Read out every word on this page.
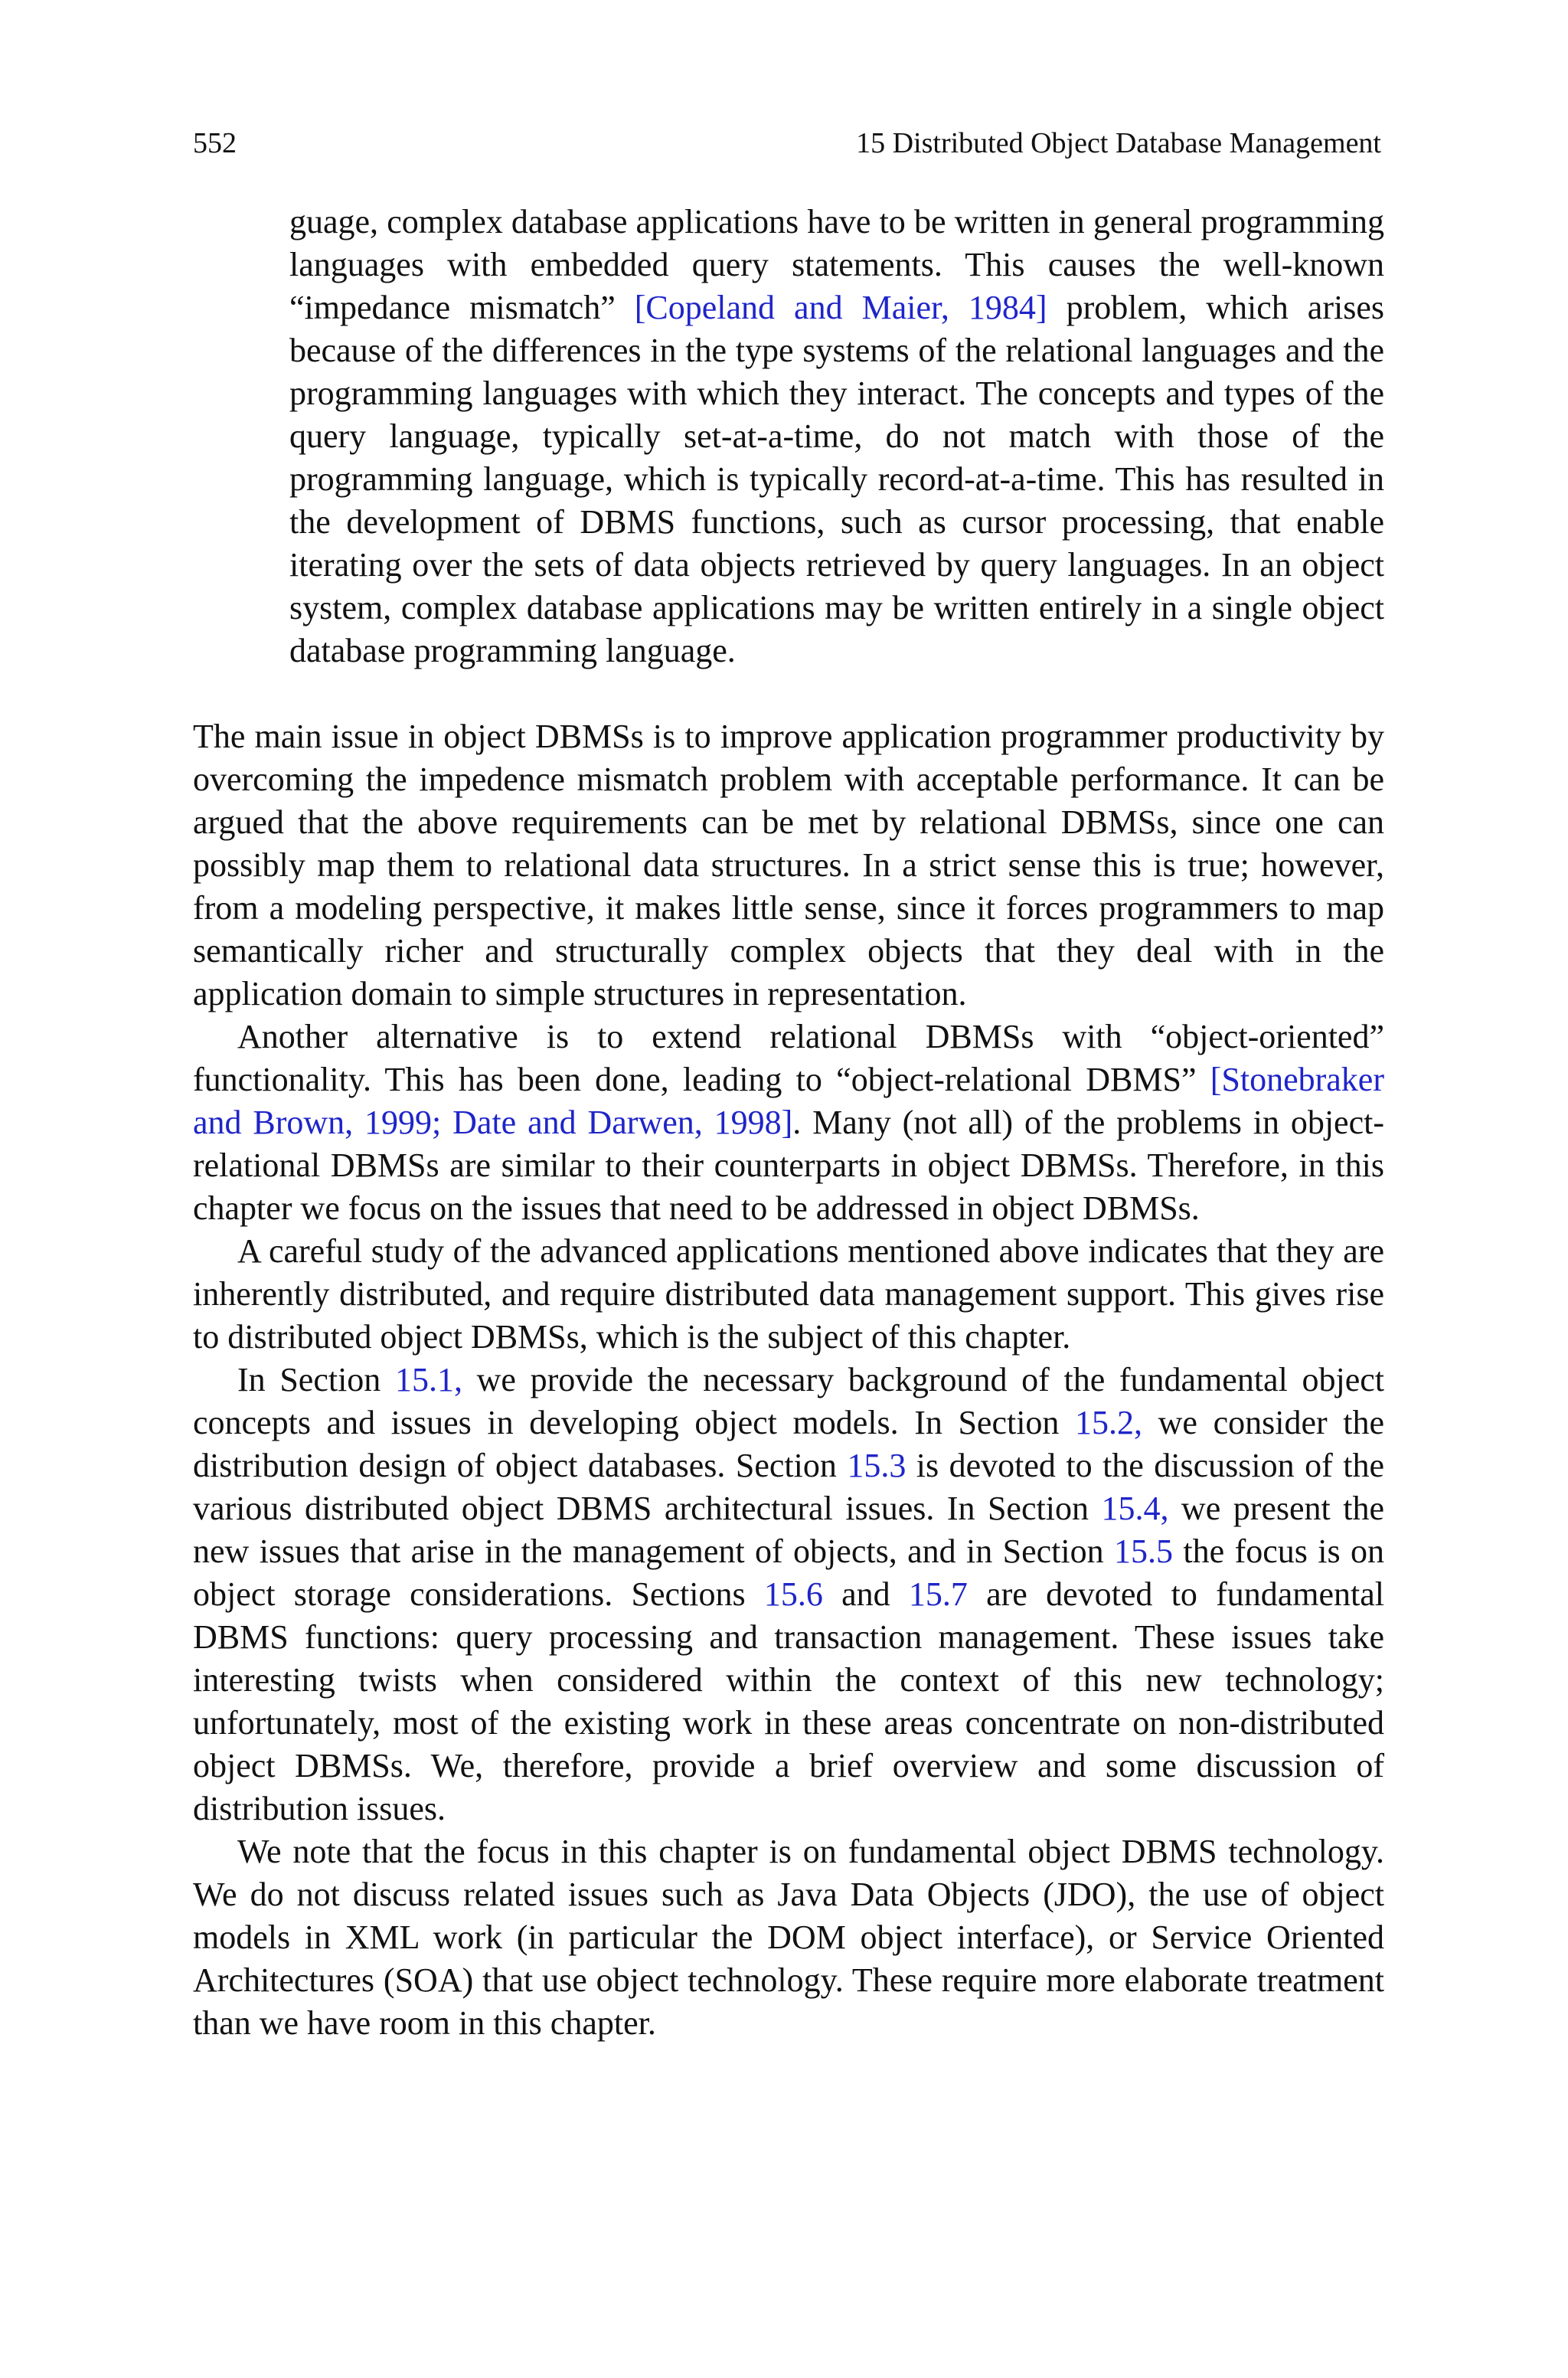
552	15 Distributed Object Database Management

guage, complex database applications have to be written in general programming languages with embedded query statements. This causes the well-known “impedance mismatch” [Copeland and Maier, 1984] problem, which arises because of the differences in the type systems of the relational languages and the programming languages with which they interact. The concepts and types of the query language, typically set-at-a-time, do not match with those of the programming language, which is typically record-at-a-time. This has resulted in the development of DBMS functions, such as cursor processing, that enable iterating over the sets of data objects retrieved by query languages. In an object system, complex database applications may be written entirely in a single object database programming language.

The main issue in object DBMSs is to improve application programmer productivity by overcoming the impedence mismatch problem with acceptable performance. It can be argued that the above requirements can be met by relational DBMSs, since one can possibly map them to relational data structures. In a strict sense this is true; however, from a modeling perspective, it makes little sense, since it forces programmers to map semantically richer and structurally complex objects that they deal with in the application domain to simple structures in representation.

Another alternative is to extend relational DBMSs with “object-oriented” functionality. This has been done, leading to “object-relational DBMS” [Stonebraker and Brown, 1999; Date and Darwen, 1998]. Many (not all) of the problems in object-relational DBMSs are similar to their counterparts in object DBMSs. Therefore, in this chapter we focus on the issues that need to be addressed in object DBMSs.

A careful study of the advanced applications mentioned above indicates that they are inherently distributed, and require distributed data management support. This gives rise to distributed object DBMSs, which is the subject of this chapter.

In Section 15.1, we provide the necessary background of the fundamental object concepts and issues in developing object models. In Section 15.2, we consider the distribution design of object databases. Section 15.3 is devoted to the discussion of the various distributed object DBMS architectural issues. In Section 15.4, we present the new issues that arise in the management of objects, and in Section 15.5 the focus is on object storage considerations. Sections 15.6 and 15.7 are devoted to fundamental DBMS functions: query processing and transaction management. These issues take interesting twists when considered within the context of this new technology; unfortunately, most of the existing work in these areas concentrate on non-distributed object DBMSs. We, therefore, provide a brief overview and some discussion of distribution issues.

We note that the focus in this chapter is on fundamental object DBMS technology. We do not discuss related issues such as Java Data Objects (JDO), the use of object models in XML work (in particular the DOM object interface), or Service Oriented Architectures (SOA) that use object technology. These require more elaborate treatment than we have room in this chapter.
